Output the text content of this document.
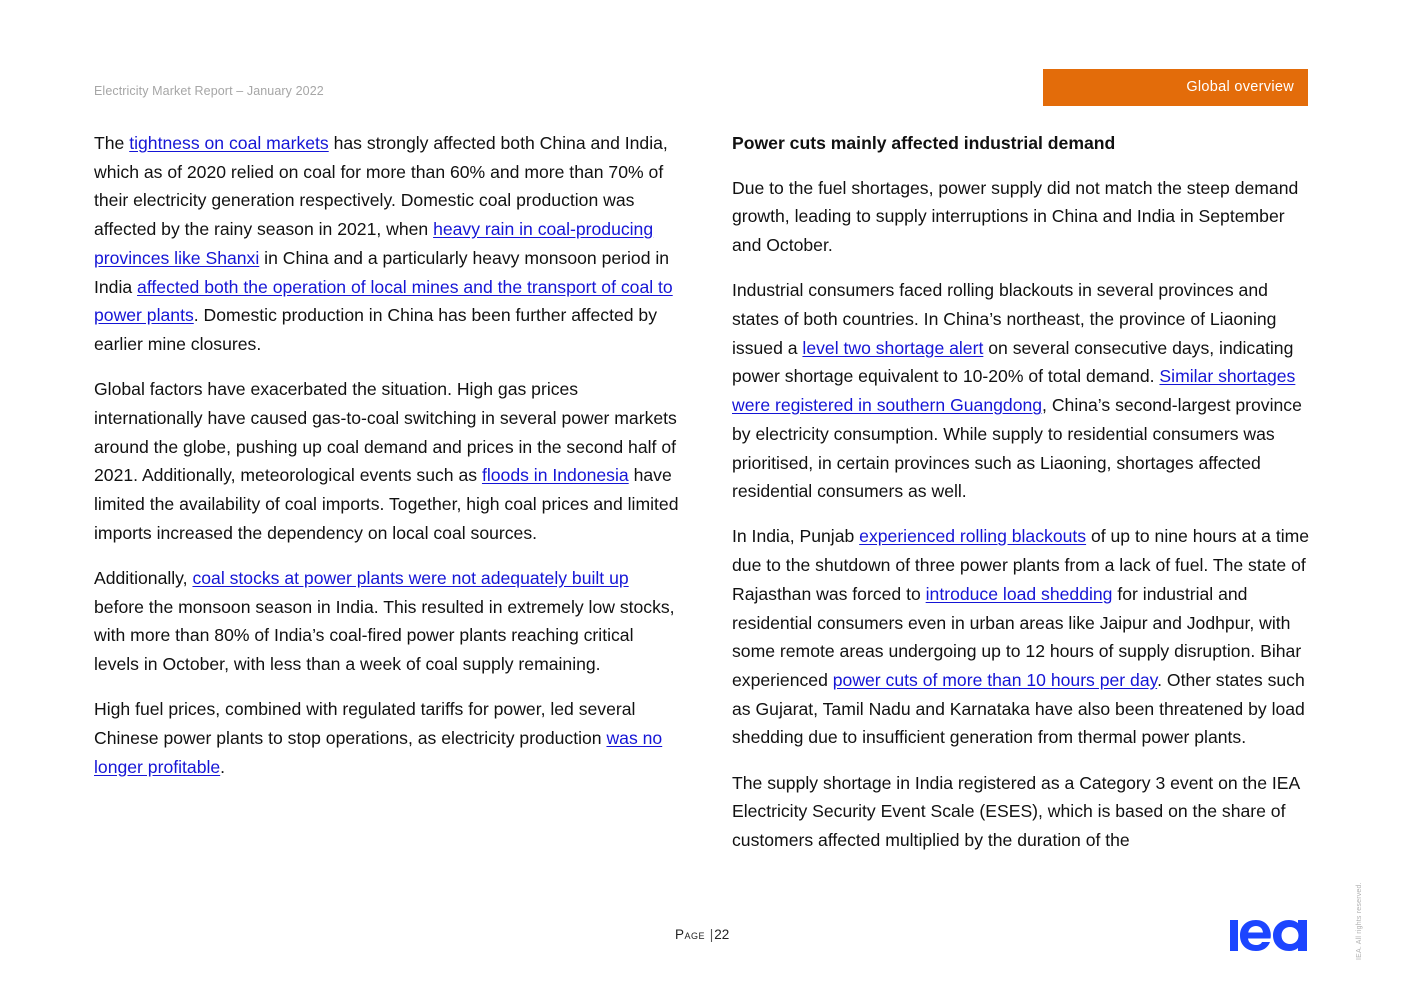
Electricity Market Report – January 2022	Global overview

The tightness on coal markets has strongly affected both China and India, which as of 2020 relied on coal for more than 60% and more than 70% of their electricity generation respectively. Domestic coal production was affected by the rainy season in 2021, when heavy rain in coal-producing provinces like Shanxi in China and a particularly heavy monsoon period in India affected both the operation of local mines and the transport of coal to power plants. Domestic production in China has been further affected by earlier mine closures.

Global factors have exacerbated the situation. High gas prices internationally have caused gas-to-coal switching in several power markets around the globe, pushing up coal demand and prices in the second half of 2021. Additionally, meteorological events such as floods in Indonesia have limited the availability of coal imports. Together, high coal prices and limited imports increased the dependency on local coal sources.

Additionally, coal stocks at power plants were not adequately built up before the monsoon season in India. This resulted in extremely low stocks, with more than 80% of India’s coal-fired power plants reaching critical levels in October, with less than a week of coal supply remaining.

High fuel prices, combined with regulated tariffs for power, led several Chinese power plants to stop operations, as electricity production was no longer profitable.

Power cuts mainly affected industrial demand

Due to the fuel shortages, power supply did not match the steep demand growth, leading to supply interruptions in China and India in September and October.

Industrial consumers faced rolling blackouts in several provinces and states of both countries. In China’s northeast, the province of Liaoning issued a level two shortage alert on several consecutive days, indicating power shortage equivalent to 10-20% of total demand. Similar shortages were registered in southern Guangdong, China’s second-largest province by electricity consumption. While supply to residential consumers was prioritised, in certain provinces such as Liaoning, shortages affected residential consumers as well.

In India, Punjab experienced rolling blackouts of up to nine hours at a time due to the shutdown of three power plants from a lack of fuel. The state of Rajasthan was forced to introduce load shedding for industrial and residential consumers even in urban areas like Jaipur and Jodhpur, with some remote areas undergoing up to 12 hours of supply disruption. Bihar experienced power cuts of more than 10 hours per day. Other states such as Gujarat, Tamil Nadu and Karnataka have also been threatened by load shedding due to insufficient generation from thermal power plants.

The supply shortage in India registered as a Category 3 event on the IEA Electricity Security Event Scale (ESES), which is based on the share of customers affected multiplied by the duration of the

Page |22	IEA. All rights reserved.
